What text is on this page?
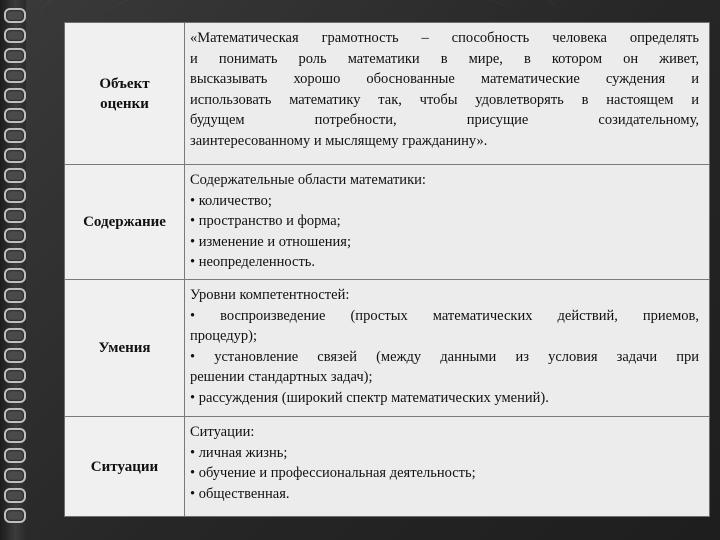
Объект
оценки
«Математическая грамотность – способность человека определять
и понимать роль математики в мире, в котором он живет,
высказывать хорошо обоснованные математические суждения и
использовать математику так, чтобы удовлетворять в настоящем и
будущем потребности, присущие созидательному,
заинтересованному и мыслящему гражданину».
Содержание
Содержательные области математики:
• количество;
• пространство и форма;
• изменение и отношения;
• неопределенность.
Умения
Уровни компетентностей:
• воспроизведение (простых математических действий, приемов,
процедур);
• установление связей (между данными из условия задачи при
решении стандартных задач);
• рассуждения (широкий спектр математических умений).
Ситуации
Ситуации:
• личная жизнь;
• обучение и профессиональная деятельность;
• общественная.
